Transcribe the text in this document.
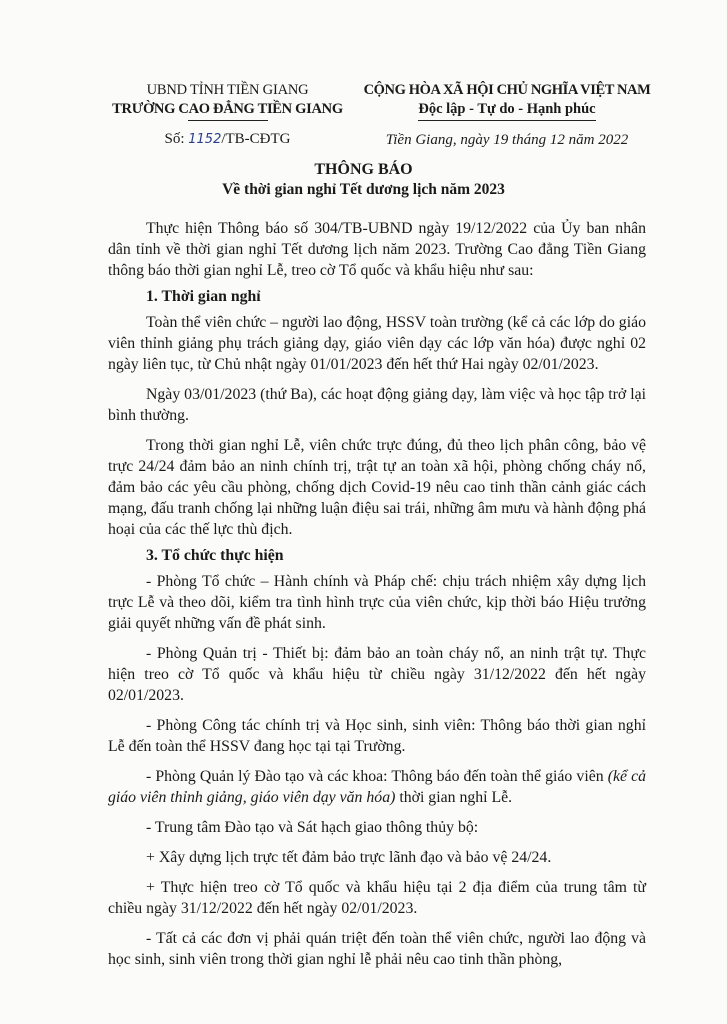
UBND TỈNH TIỀN GIANG
TRƯỜNG CAO ĐẲNG TIỀN GIANG
Số: 1152/TB-CĐTG
CỘNG HÒA XÃ HỘI CHỦ NGHĨA VIỆT NAM
Độc lập - Tự do - Hạnh phúc
Tiền Giang, ngày 19 tháng 12 năm 2022
THÔNG BÁO
Về thời gian nghỉ Tết dương lịch năm 2023

Thực hiện Thông báo số 304/TB-UBND ngày 19/12/2022 của Ủy ban nhân dân tỉnh về thời gian nghỉ Tết dương lịch năm 2023. Trường Cao đẳng Tiền Giang thông báo thời gian nghỉ Lễ, treo cờ Tổ quốc và khẩu hiệu như sau:

1. Thời gian nghỉ

Toàn thể viên chức – người lao động, HSSV toàn trường (kể cả các lớp do giáo viên thỉnh giảng phụ trách giảng dạy, giáo viên dạy các lớp văn hóa) được nghỉ 02 ngày liên tục, từ Chủ nhật ngày 01/01/2023 đến hết thứ Hai ngày 02/01/2023.

Ngày 03/01/2023 (thứ Ba), các hoạt động giảng dạy, làm việc và học tập trở lại bình thường.

Trong thời gian nghỉ Lễ, viên chức trực đúng, đủ theo lịch phân công, bảo vệ trực 24/24 đảm bảo an ninh chính trị, trật tự an toàn xã hội, phòng chống cháy nổ, đảm bảo các yêu cầu phòng, chống dịch Covid-19 nêu cao tinh thần cảnh giác cách mạng, đấu tranh chống lại những luận điệu sai trái, những âm mưu và hành động phá hoại của các thế lực thù địch.

3. Tổ chức thực hiện

- Phòng Tổ chức – Hành chính và Pháp chế: chịu trách nhiệm xây dựng lịch trực Lễ và theo dõi, kiểm tra tình hình trực của viên chức, kịp thời báo Hiệu trưởng giải quyết những vấn đề phát sinh.

- Phòng Quản trị - Thiết bị: đảm bảo an toàn cháy nổ, an ninh trật tự. Thực hiện treo cờ Tổ quốc và khẩu hiệu từ chiều ngày 31/12/2022 đến hết ngày 02/01/2023.

- Phòng Công tác chính trị và Học sinh, sinh viên: Thông báo thời gian nghỉ Lễ đến toàn thể HSSV đang học tại tại Trường.

- Phòng Quản lý Đào tạo và các khoa: Thông báo đến toàn thể giáo viên (kể cả giáo viên thỉnh giảng, giáo viên dạy văn hóa) thời gian nghỉ Lễ.

- Trung tâm Đào tạo và Sát hạch giao thông thủy bộ:

+ Xây dựng lịch trực tết đảm bảo trực lãnh đạo và bảo vệ 24/24.

+ Thực hiện treo cờ Tổ quốc và khẩu hiệu tại 2 địa điểm của trung tâm từ chiều ngày 31/12/2022 đến hết ngày 02/01/2023.

- Tất cả các đơn vị phải quán triệt đến toàn thể viên chức, người lao động và học sinh, sinh viên trong thời gian nghỉ lễ phải nêu cao tinh thần phòng,
